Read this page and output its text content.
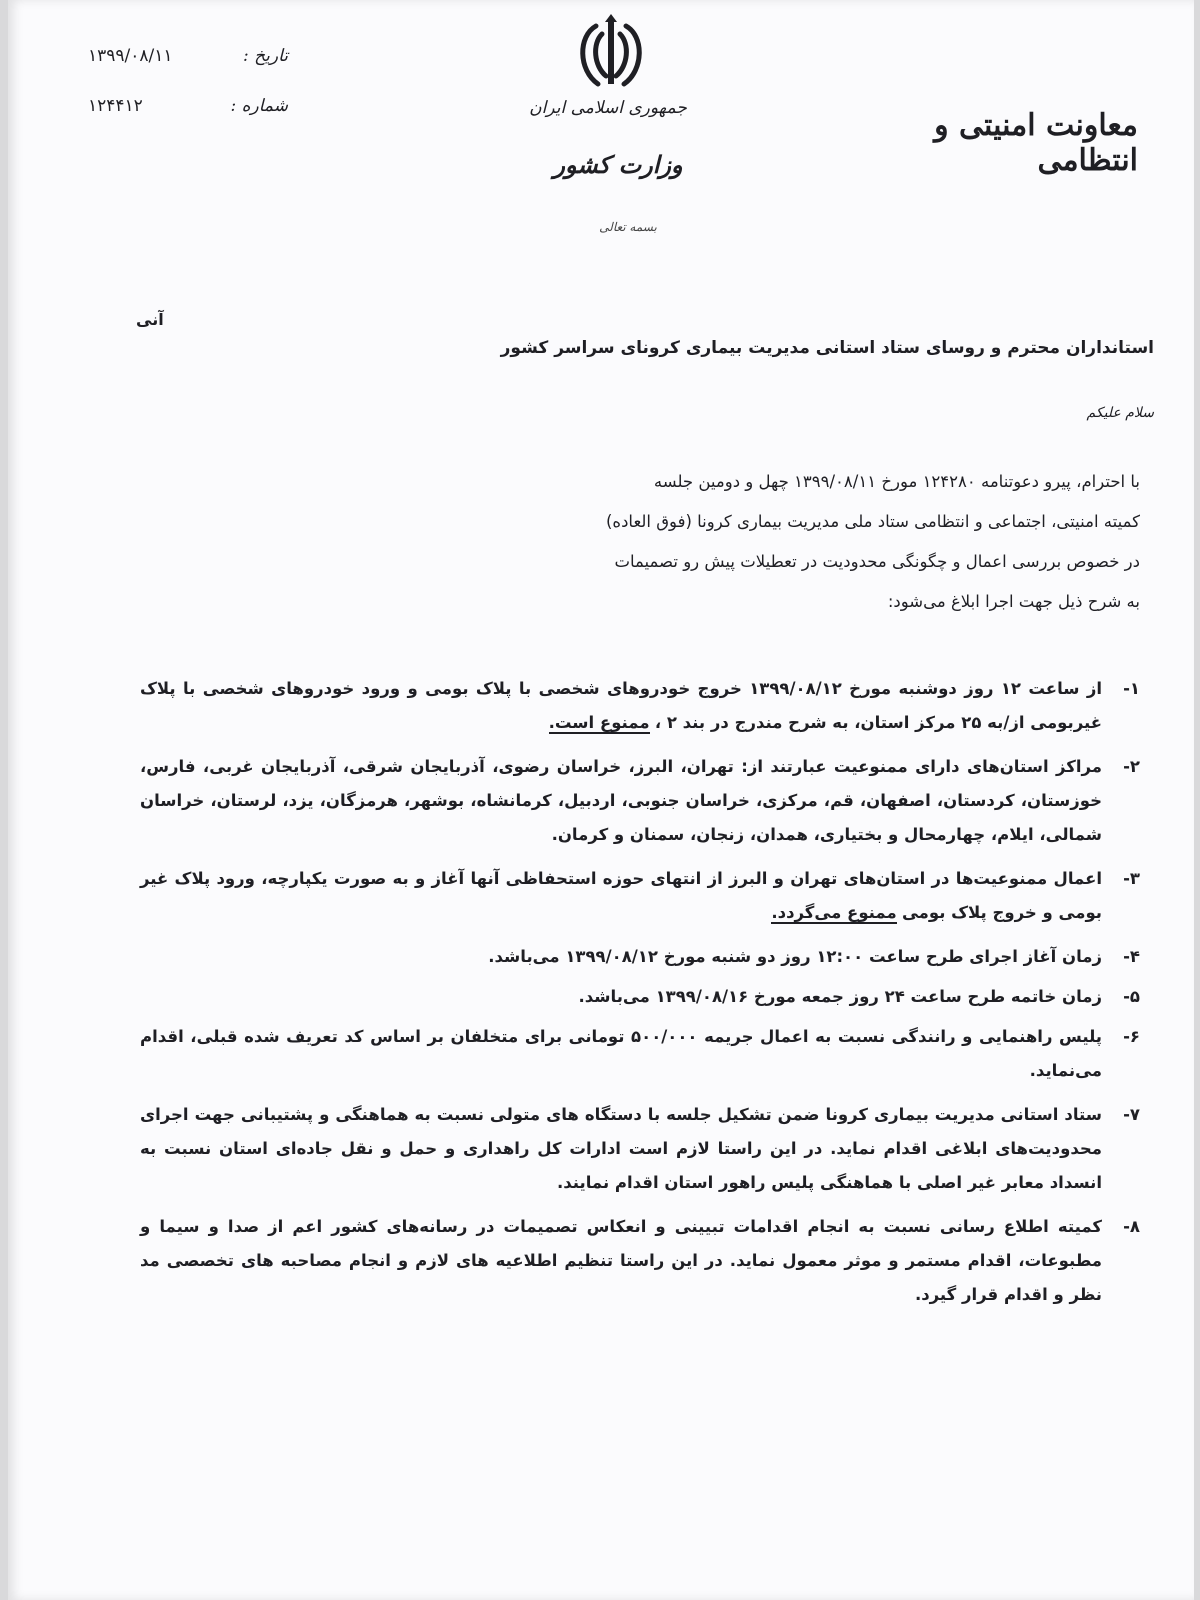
جمهوری اسلامی ایران
وزارت کشور
بسمه تعالی
معاونت امنیتی و انتظامی
۱۳۹۹/۰۸/۱۱	تاریخ :
۱۲۴۴۱۲	شماره :
آنی
استانداران محترم و روسای ستاد استانی مدیریت بیماری کرونای سراسر کشور
سلام علیکم

با احترام، پیرو دعوتنامه ۱۲۴۲۸۰ مورخ ۱۳۹۹/۰۸/۱۱ چهل و دومین جلسه

کمیته امنیتی، اجتماعی و انتظامی ستاد ملی مدیریت بیماری کرونا (فوق العاده)

در خصوص بررسی اعمال و چگونگی محدودیت در تعطیلات پیش رو تصمیمات

به شرح ذیل جهت اجرا ابلاغ می‌شود:

۱-
از ساعت ۱۲ روز دوشنبه مورخ ۱۳۹۹/۰۸/۱۲ خروج خودروهای شخصی با پلاک بومی و ورود خودروهای شخصی با پلاک غیربومی از/به ۲۵ مرکز استان، به شرح مندرج در بند ۲ ، ممنوع است.
۲-
مراکز استان‌های دارای ممنوعیت عبارتند از: تهران، البرز، خراسان رضوی، آذربایجان شرقی، آذربایجان غربی، فارس، خوزستان، کردستان، اصفهان، قم، مرکزی، خراسان جنوبی، اردبیل، کرمانشاه، بوشهر، هرمزگان، یزد، لرستان، خراسان شمالی، ایلام، چهارمحال و بختیاری، همدان، زنجان، سمنان و کرمان.
۳-
اعمال ممنوعیت‌ها در استان‌های تهران و البرز از انتهای حوزه استحفاظی آنها آغاز و به صورت یکپارچه، ورود پلاک غیر بومی و خروج پلاک بومی ممنوع می‌گردد.
۴-
زمان آغاز اجرای طرح ساعت ۱۲:۰۰ روز دو شنبه مورخ ۱۳۹۹/۰۸/۱۲ می‌باشد.
۵-
زمان خاتمه طرح ساعت ۲۴ روز جمعه مورخ ۱۳۹۹/۰۸/۱۶ می‌باشد.
۶-
پلیس راهنمایی و رانندگی نسبت به اعمال جریمه ۵۰۰/۰۰۰ تومانی برای متخلفان بر اساس کد تعریف شده قبلی، اقدام می‌نماید.
۷-
ستاد استانی مدیریت بیماری کرونا ضمن تشکیل جلسه با دستگاه های متولی نسبت به هماهنگی و پشتیبانی جهت اجرای محدودیت‌های ابلاغی اقدام نماید. در این راستا لازم است ادارات کل راهداری و حمل و نقل جاده‌ای استان نسبت به انسداد معابر غیر اصلی با هماهنگی پلیس راهور استان اقدام نمایند.
۸-
کمیته اطلاع رسانی نسبت به انجام اقدامات تبیینی و انعکاس تصمیمات در رسانه‌های کشور اعم از صدا و سیما و مطبوعات، اقدام مستمر و موثر معمول نماید. در این راستا تنظیم اطلاعیه های لازم و انجام مصاحبه های تخصصی مد نظر و اقدام قرار گیرد.
